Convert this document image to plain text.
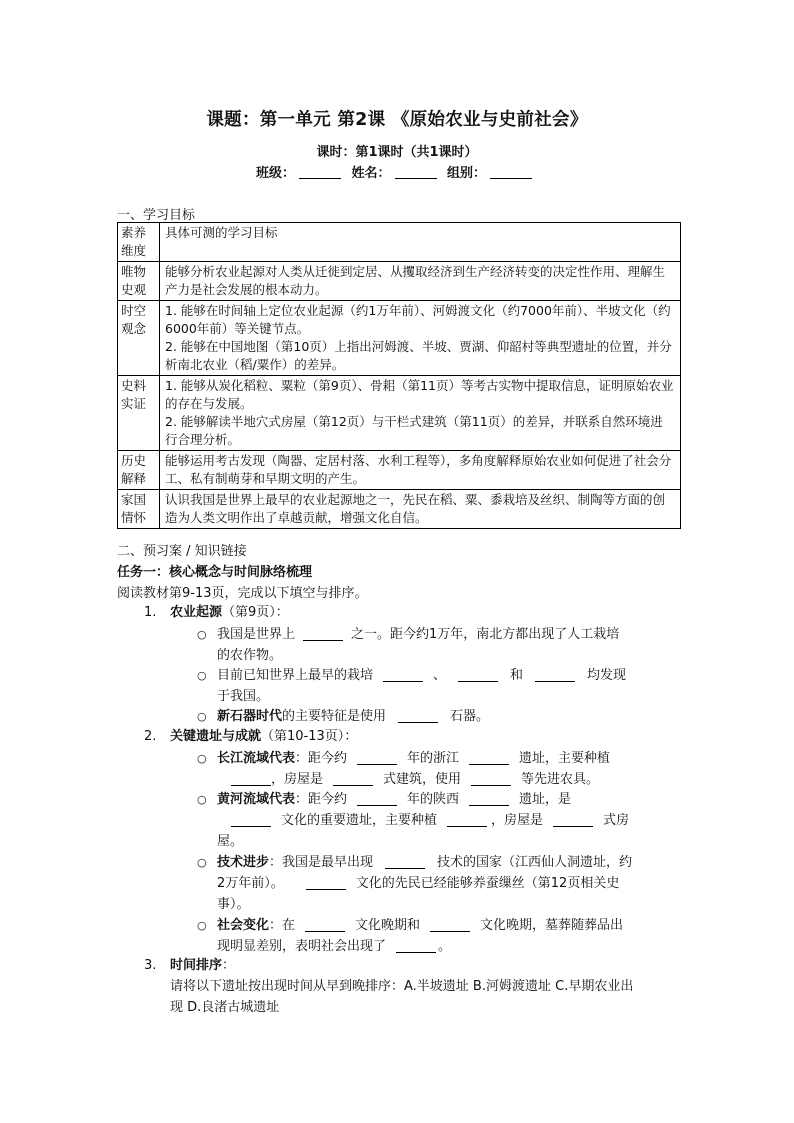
课题：第一单元 第2课 《原始农业与史前社会》
课时：第1课时（共1课时）
班级：	姓名：	组别：
一、学习目标
素养维度	具体可测的学习目标
唯物史观	能够分析农业起源对人类从迁徙到定居、从攫取经济到生产经济转变的决定性作用、理解生产力是社会发展的根本动力。

时空观念	1. 能够在时间轴上定位农业起源（约1万年前）、河姆渡文化（约7000年前）、半坡文化（约6000年前）等关键节点。

2. 能够在中国地图（第10页）上指出河姆渡、半坡、贾湖、仰韶村等典型遗址的位置，并分析南北农业（稻/粟作）的差异。

史料实证	1. 能够从炭化稻粒、粟粒（第9页）、骨耜（第11页）等考古实物中提取信息，证明原始农业的存在与发展。

2. 能够解读半地穴式房屋（第12页）与干栏式建筑（第11页）的差异，并联系自然环境进行合理分析。

历史解释	能够运用考古发现（陶器、定居村落、水利工程等），多角度解释原始农业如何促进了社会分工、私有制萌芽和早期文明的产生。

家国情怀	认识我国是世界上最早的农业起源地之一，先民在稻、粟、黍栽培及丝织、制陶等方面的创造为人类文明作出了卓越贡献，增强文化自信。

二、预习案 / 知识链接
任务一：核心概念与时间脉络梳理
阅读教材第9-13页，完成以下填空与排序。
1. 农业起源（第9页）：
○ 我国是世界上	之一。距今约1万年，南北方都出现了人工栽培
的农作物。
○ 目前已知世界上最早的栽培	、	和	均发现
于我国。
○ 新石器时代的主要特征是使用	石器。
2. 关键遗址与成就（第10-13页）：
○ 长江流域代表：距今约	年的浙江	遗址，主要种植
，房屋是	式建筑，使用	等先进农具。
○ 黄河流域代表：距今约	年的陕西	遗址，是
文化的重要遗址，主要种植	，房屋是	式房
屋。
○ 技术进步：我国是最早出现	技术的国家（江西仙人洞遗址，约
2万年前）。	文化的先民已经能够养蚕缫丝（第12页相关史
事）。
○ 社会变化：在	文化晚期和	文化晚期，墓葬随葬品出
现明显差别，表明社会出现了	。
3. 时间排序：
请将以下遗址按出现时间从早到晚排序：A.半坡遗址 B.河姆渡遗址 C.早期农业出
现 D.良渚古城遗址
